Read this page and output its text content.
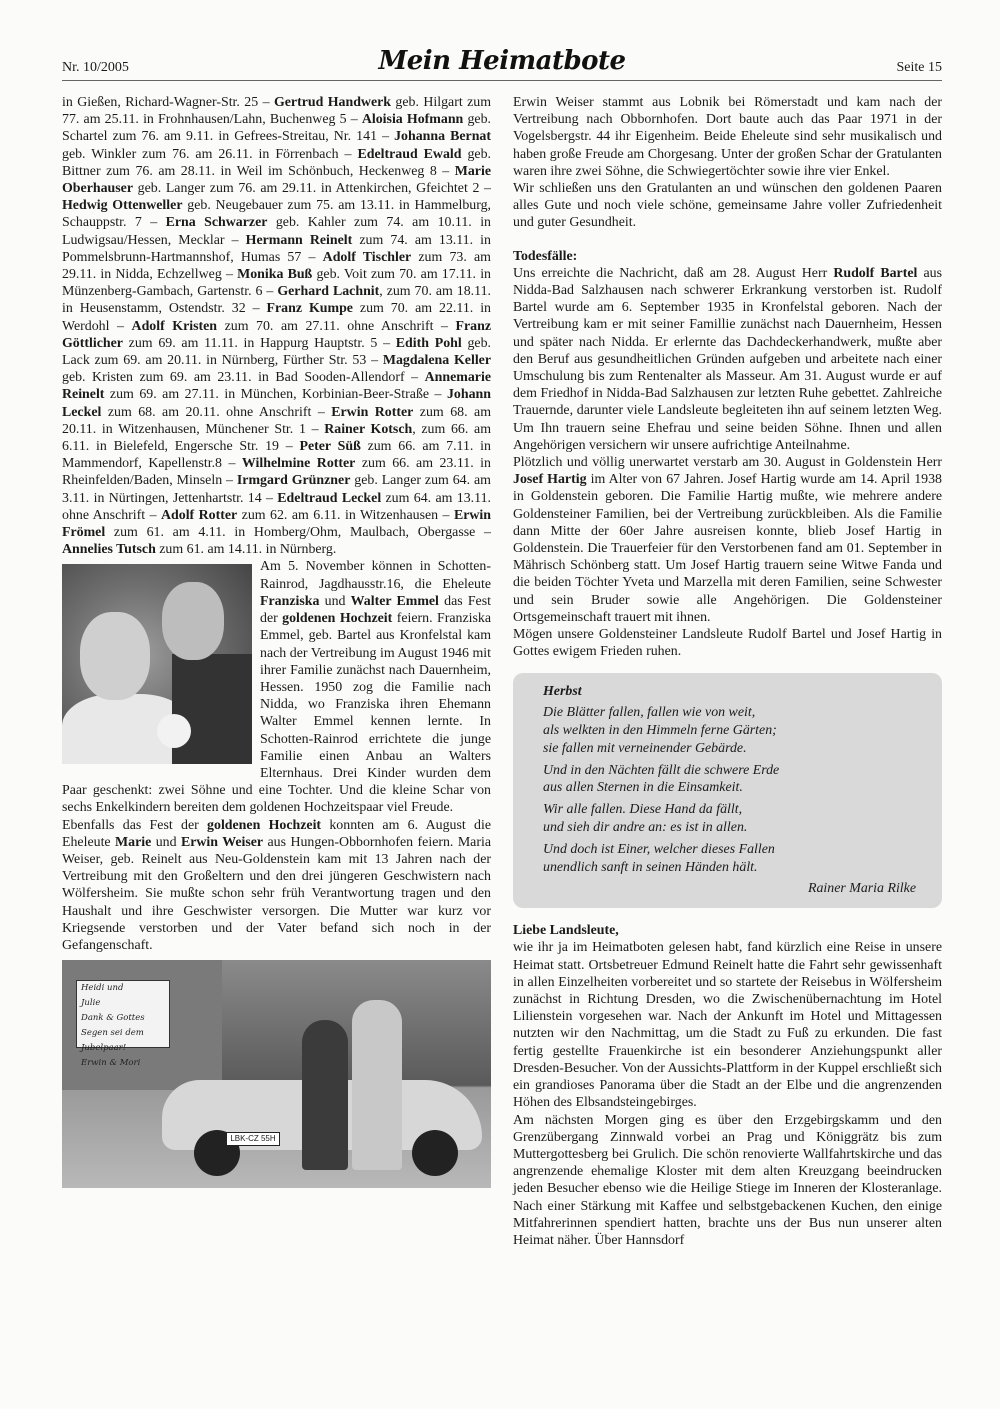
Nr. 10/2005	Mein Heimatbote	Seite 15

in Gießen, Richard-Wagner-Str. 25 – Gertrud Handwerk geb. Hilgart zum 77. am 25.11. in Frohnhausen/Lahn, Buchenweg 5 – Aloisia Hofmann geb. Schartel zum 76. am 9.11. in Gefrees-Streitau, Nr. 141 – Johanna Bernat geb. Winkler zum 76. am 26.11. in Förrenbach – Edeltraud Ewald geb. Bittner zum 76. am 28.11. in Weil im Schönbuch, Heckenweg 8 – Marie Oberhauser geb. Langer zum 76. am 29.11. in Attenkirchen, Gfeichtet 2 – Hedwig Ottenweller geb. Neugebauer zum 75. am 13.11. in Hammelburg, Schauppstr. 7 – Erna Schwarzer geb. Kahler zum 74. am 10.11. in Ludwigsau/Hessen, Mecklar – Hermann Reinelt zum 74. am 13.11. in Pommelsbrunn-Hartmannshof, Humas 57 – Adolf Tischler zum 73. am 29.11. in Nidda, Echzellweg – Monika Buß geb. Voit zum 70. am 17.11. in Münzenberg-Gambach, Gartenstr. 6 – Gerhard Lachnit, zum 70. am 18.11. in Heusenstamm, Ostendstr. 32 – Franz Kumpe zum 70. am 22.11. in Werdohl – Adolf Kristen zum 70. am 27.11. ohne Anschrift – Franz Göttlicher zum 69. am 11.11. in Happurg Hauptstr. 5 – Edith Pohl geb. Lack zum 69. am 20.11. in Nürnberg, Fürther Str. 53 – Magdalena Keller geb. Kristen zum 69. am 23.11. in Bad Sooden-Allendorf – Annemarie Reinelt zum 69. am 27.11. in München, Korbinian-Beer-Straße – Johann Leckel zum 68. am 20.11. ohne Anschrift – Erwin Rotter zum 68. am 20.11. in Witzenhausen, Münchener Str. 1 – Rainer Kotsch, zum 66. am 6.11. in Bielefeld, Engersche Str. 19 – Peter Süß zum 66. am 7.11. in Mammendorf, Kapellenstr.8 – Wilhelmine Rotter zum 66. am 23.11. in Rheinfelden/Baden, Minseln – Irmgard Grünzner geb. Langer zum 64. am 3.11. in Nürtingen, Jettenhartstr. 14 – Edeltraud Leckel zum 64. am 13.11. ohne Anschrift – Adolf Rotter zum 62. am 6.11. in Witzenhausen – Erwin Frömel zum 61. am 4.11. in Homberg/Ohm, Maulbach, Obergasse – Annelies Tutsch zum 61. am 14.11. in Nürnberg.

Am 5. November können in Schotten-Rainrod, Jagdhausstr.16, die Eheleute Franziska und Walter Emmel das Fest der goldenen Hochzeit feiern. Franziska Emmel, geb. Bartel aus Kronfelstal kam nach der Vertreibung im August 1946 mit ihrer Familie zunächst nach Dauernheim, Hessen. 1950 zog die Familie nach Nidda, wo Franziska ihren Ehemann Walter Emmel kennen lernte. In Schotten-Rainrod errichtete die junge Familie einen Anbau an Walters Elternhaus. Drei Kinder wurden dem Paar geschenkt: zwei Söhne und eine Tochter. Und die kleine Schar von sechs Enkelkindern bereiten dem goldenen Hochzeitspaar viel Freude.

Ebenfalls das Fest der goldenen Hochzeit konnten am 6. August die Eheleute Marie und Erwin Weiser aus Hungen-Obbornhofen feiern. Maria Weiser, geb. Reinelt aus Neu-Goldenstein kam mit 13 Jahren nach der Vertreibung mit den Großeltern und den drei jüngeren Geschwistern nach Wölfersheim. Sie mußte schon sehr früh Verantwortung tragen und den Haushalt und ihre Geschwister versorgen. Die Mutter war kurz vor Kriegsende verstorben und der Vater befand sich noch in der Gefangenschaft.

Heidi und
Julie
Dank & Gottes
Segen sei dem
Jubelpaar!
Erwin & Mori
LBK-CZ 55H

Erwin Weiser stammt aus Lobnik bei Römerstadt und kam nach der Vertreibung nach Obbornhofen. Dort baute auch das Paar 1971 in der Vogelsbergstr. 44 ihr Eigenheim. Beide Eheleute sind sehr musikalisch und haben große Freude am Chorgesang. Unter der großen Schar der Gratulanten waren ihre zwei Söhne, die Schwiegertöchter sowie ihre vier Enkel.

Wir schließen uns den Gratulanten an und wünschen den goldenen Paaren alles Gute und noch viele schöne, gemeinsame Jahre voller Zufriedenheit und guter Gesundheit.

Todesfälle:

Uns erreichte die Nachricht, daß am 28. August Herr Rudolf Bartel aus Nidda-Bad Salzhausen nach schwerer Erkrankung verstorben ist. Rudolf Bartel wurde am 6. September 1935 in Kronfelstal geboren. Nach der Vertreibung kam er mit seiner Famillie zunächst nach Dauernheim, Hessen und später nach Nidda. Er erlernte das Dachdeckerhandwerk, mußte aber den Beruf aus gesundheitlichen Gründen aufgeben und arbeitete nach einer Umschulung bis zum Rentenalter als Masseur. Am 31. August wurde er auf dem Friedhof in Nidda-Bad Salzhausen zur letzten Ruhe gebettet. Zahlreiche Trauernde, darunter viele Landsleute begleiteten ihn auf seinem letzten Weg. Um Ihn trauern seine Ehefrau und seine beiden Söhne. Ihnen und allen Angehörigen versichern wir unsere aufrichtige Anteilnahme.

Plötzlich und völlig unerwartet verstarb am 30. August in Goldenstein Herr Josef Hartig im Alter von 67 Jahren. Josef Hartig wurde am 14. April 1938 in Goldenstein geboren. Die Familie Hartig mußte, wie mehrere andere Goldensteiner Familien, bei der Vertreibung zurückbleiben. Als die Familie dann Mitte der 60er Jahre ausreisen konnte, blieb Josef Hartig in Goldenstein. Die Trauerfeier für den Verstorbenen fand am 01. September in Mährisch Schönberg statt. Um Josef Hartig trauern seine Witwe Fanda und die beiden Töchter Yveta und Marzella mit deren Familien, seine Schwester und sein Bruder sowie alle Angehörigen. Die Goldensteiner Ortsgemeinschaft trauert mit ihnen.

Mögen unsere Goldensteiner Landsleute Rudolf Bartel und Josef Hartig in Gottes ewigem Frieden ruhen.

Herbst
Die Blätter fallen, fallen wie von weit,
als welkten in den Himmeln ferne Gärten;
sie fallen mit verneinender Gebärde.
Und in den Nächten fällt die schwere Erde
aus allen Sternen in die Einsamkeit.
Wir alle fallen. Diese Hand da fällt,
und sieh dir andre an: es ist in allen.
Und doch ist Einer, welcher dieses Fallen
unendlich sanft in seinen Händen hält.
Rainer Maria Rilke
Liebe Landsleute,

wie ihr ja im Heimatboten gelesen habt, fand kürzlich eine Reise in unsere Heimat statt. Ortsbetreuer Edmund Reinelt hatte die Fahrt sehr gewissenhaft in allen Einzelheiten vorbereitet und so startete der Reisebus in Wölfersheim zunächst in Richtung Dresden, wo die Zwischenübernachtung im Hotel Lilienstein vorgesehen war. Nach der Ankunft im Hotel und Mittagessen nutzten wir den Nachmittag, um die Stadt zu Fuß zu erkunden. Die fast fertig gestellte Frauenkirche ist ein besonderer Anziehungspunkt aller Dresden-Besucher. Von der Aussichts-Plattform in der Kuppel erschließt sich ein grandioses Panorama über die Stadt an der Elbe und die angrenzenden Höhen des Elbsandsteingebirges.

Am nächsten Morgen ging es über den Erzgebirgskamm und den Grenzübergang Zinnwald vorbei an Prag und Königgrätz bis zum Muttergottesberg bei Grulich. Die schön renovierte Wallfahrtskirche und das angrenzende ehemalige Kloster mit dem alten Kreuzgang beeindrucken jeden Besucher ebenso wie die Heilige Stiege im Inneren der Klosteranlage. Nach einer Stärkung mit Kaffee und selbstgebackenen Kuchen, den einige Mitfahrerinnen spendiert hatten, brachte uns der Bus nun unserer alten Heimat näher. Über Hannsdorf
